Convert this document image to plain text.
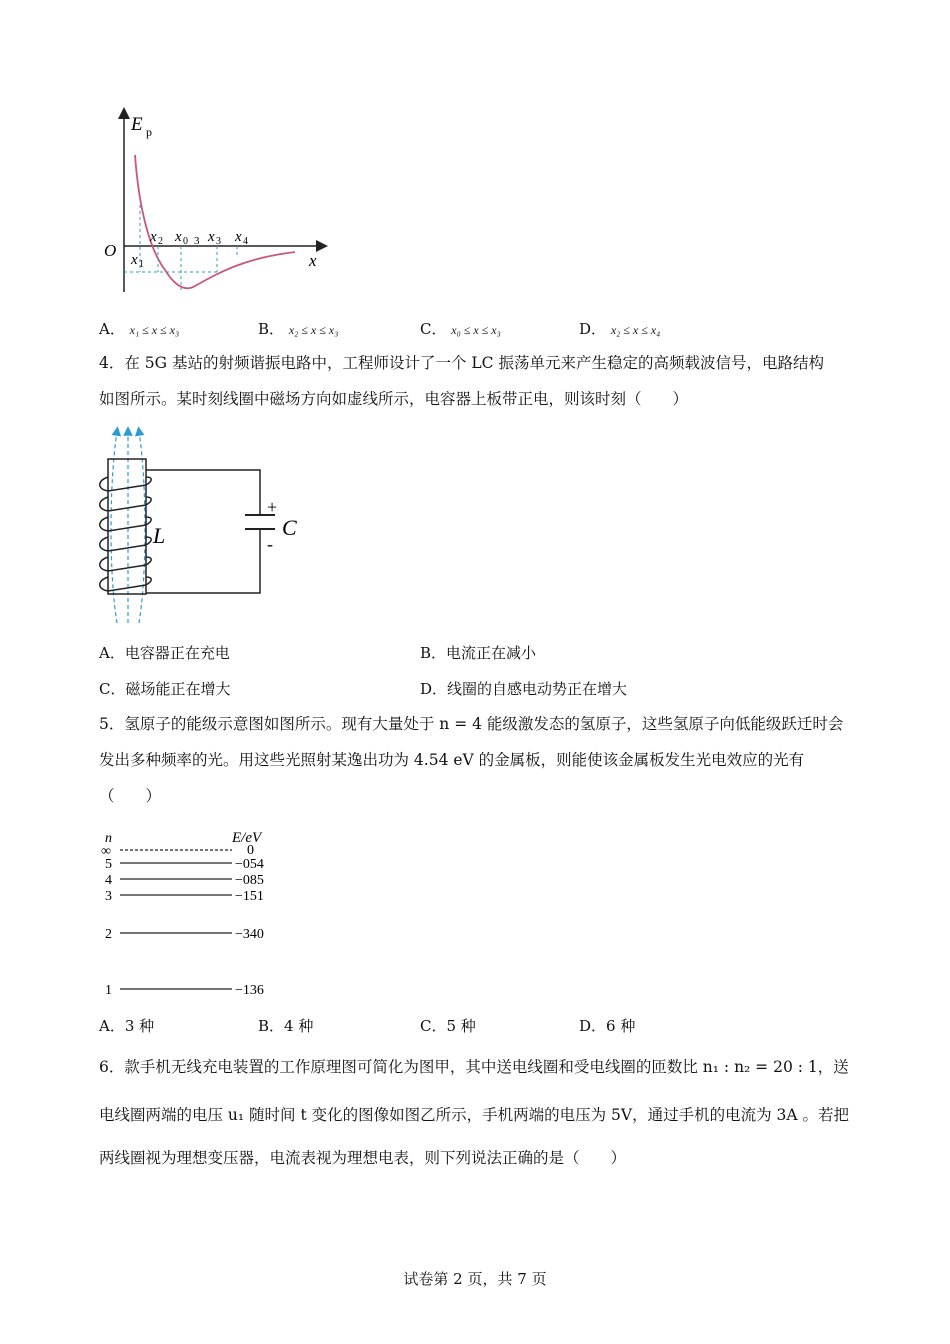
E p
x
O x 1
x 2 x 0 3 x 3 x 4
A． x₁ ≤ x ≤ x₃	B． x₂ ≤ x ≤ x₃	C． x₀ ≤ x ≤ x₃	D． x₂ ≤ x ≤ x₄
4．在 5G 基站的射频谐振电路中，工程师设计了一个 LC 振荡单元来产生稳定的高频载波信号，电路结构
如图所示。某时刻线圈中磁场方向如虚线所示，电容器上板带正电，则该时刻（　　）
+
-
L	C
A．电容器正在充电	B．电流正在减小
C．磁场能正在增大	D．线圈的自感电动势正在增大
5．氢原子的能级示意图如图所示。现有大量处于 n = 4 能级激发态的氢原子，这些氢原子向低能级跃迁时会
发出多种频率的光。用这些光照射某逸出功为 4.54 eV 的金属板，则能使该金属板发生光电效应的光有
（　　）
n	E/eV
∞	0
5	−054
4	−085
3	−151
2	−340
1	−136
A．3 种	B．4 种	C．5 种	D．6 种
6．款手机无线充电装置的工作原理图可简化为图甲，其中送电线圈和受电线圈的匝数比 n₁ : n₂ = 20 : 1，送
电线圈两端的电压 u₁ 随时间 t 变化的图像如图乙所示，手机两端的电压为 5V，通过手机的电流为 3A 。若把
两线圈视为理想变压器，电流表视为理想电表，则下列说法正确的是（　　）
试卷第 2 页，共 7 页
